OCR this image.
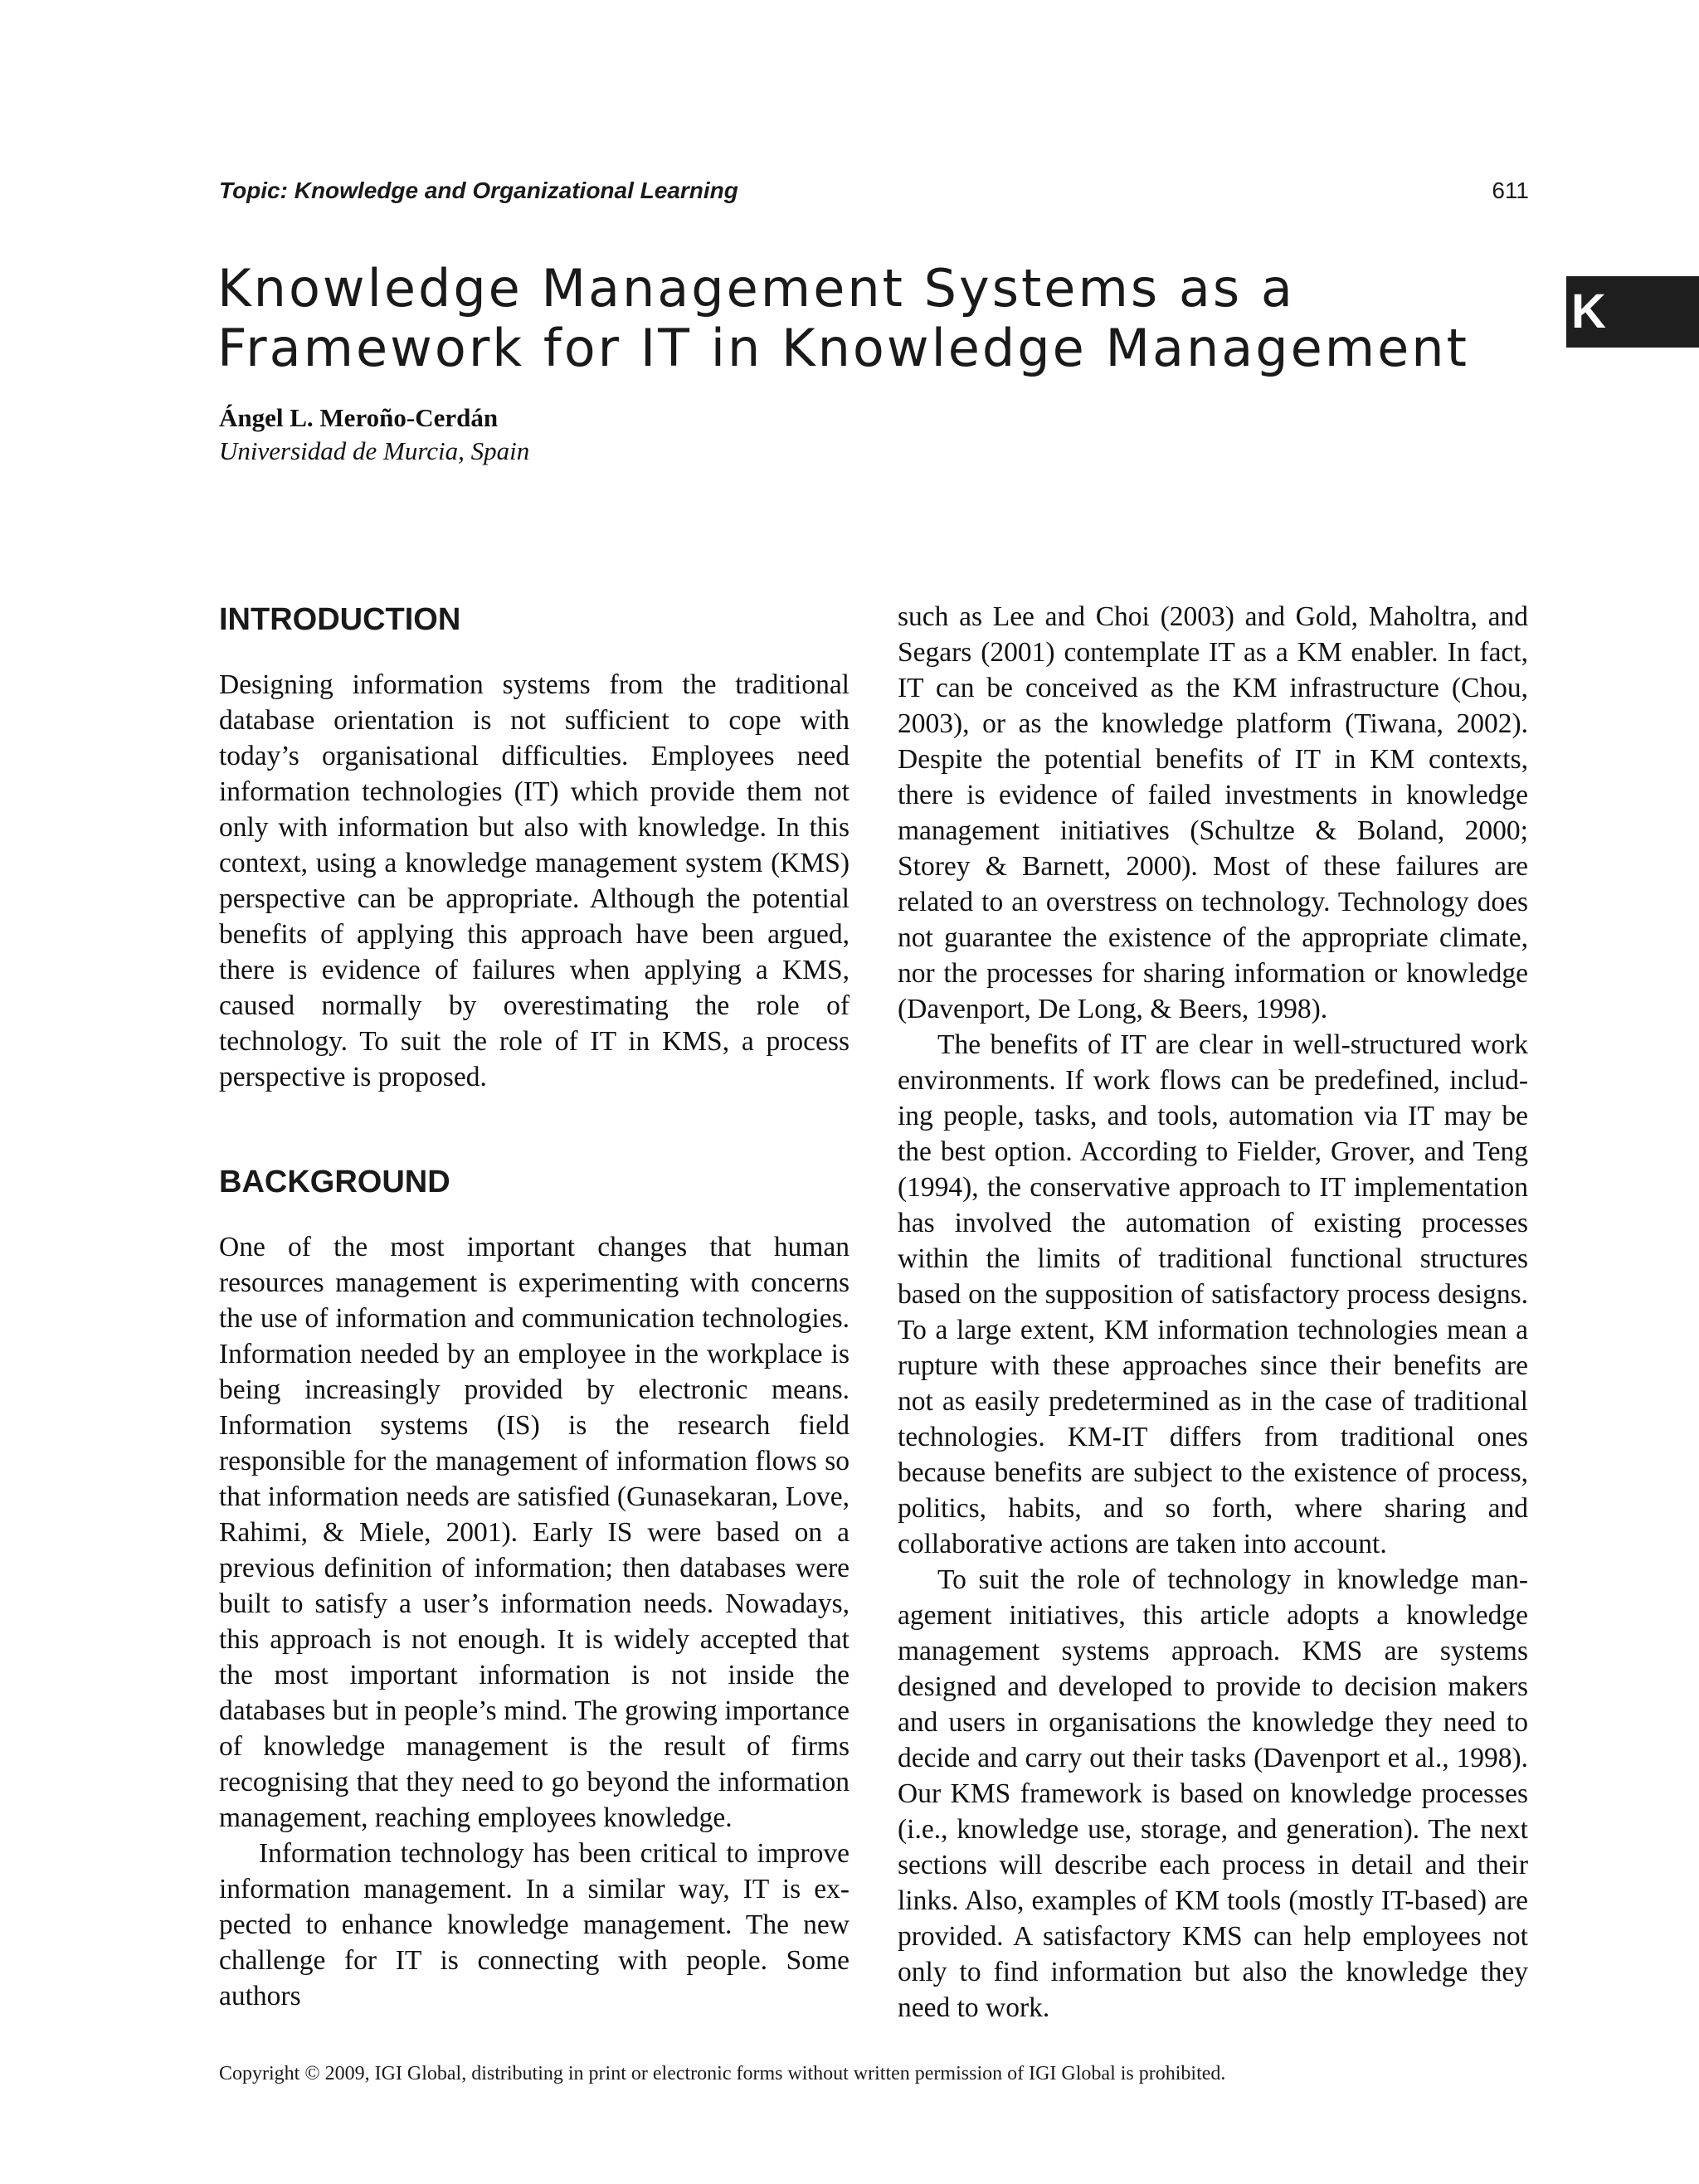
Topic: Knowledge and Organizational Learning	611
Knowledge Management Systems as a
Framework for IT in Knowledge Management
K
Ángel L. Meroño-Cerdán
Universidad de Murcia, Spain
INTRODUCTION

Designing information systems from the traditional database orientation is not sufficient to cope with today’s organisational difficulties. Employees need information technologies (IT) which provide them not only with information but also with knowledge. In this context, using a knowledge management system (KMS) perspective can be appropriate. Although the potential benefits of applying this approach have been argued, there is evidence of failures when applying a KMS, caused normally by overestimating the role of technology. To suit the role of IT in KMS, a process perspective is proposed.

BACKGROUND

One of the most important changes that human resources management is experimenting with concerns the use of information and communication technologies. Information needed by an employee in the workplace is being increasingly provided by electronic means. Information systems (IS) is the research field responsible for the management of information flows so that information needs are satisfied (Gunasekaran, Love, Rahimi, & Miele, 2001). Early IS were based on a previous definition of information; then databases were built to satisfy a user’s information needs. Nowadays, this approach is not enough. It is widely accepted that the most important information is not inside the databases but in people’s mind. The growing importance of knowledge management is the result of firms recognising that they need to go beyond the information management, reaching employees knowledge.

Information technology has been critical to improve information management. In a similar way, IT is expected to enhance knowledge management. The new challenge for IT is connecting with people. Some authors

such as Lee and Choi (2003) and Gold, Maholtra, and Segars (2001) contemplate IT as a KM enabler. In fact, IT can be conceived as the KM infrastructure (Chou, 2003), or as the knowledge platform (Tiwana, 2002). Despite the potential benefits of IT in KM contexts, there is evidence of failed investments in knowledge management initiatives (Schultze & Boland, 2000; Storey & Barnett, 2000). Most of these failures are related to an overstress on technology. Technology does not guarantee the existence of the appropriate climate, nor the processes for sharing information or knowledge (Davenport, De Long, & Beers, 1998).

The benefits of IT are clear in well-structured work environments. If work flows can be predefined, including people, tasks, and tools, automation via IT may be the best option. According to Fielder, Grover, and Teng (1994), the conservative approach to IT implementation has involved the automation of existing processes within the limits of traditional functional structures based on the supposition of satisfactory process designs. To a large extent, KM information technologies mean a rupture with these approaches since their benefits are not as easily predetermined as in the case of traditional technologies. KM-IT differs from traditional ones because benefits are subject to the existence of process, politics, habits, and so forth, where sharing and collaborative actions are taken into account.

To suit the role of technology in knowledge management initiatives, this article adopts a knowledge management systems approach. KMS are systems designed and developed to provide to decision makers and users in organisations the knowledge they need to decide and carry out their tasks (Davenport et al., 1998). Our KMS framework is based on knowledge processes (i.e., knowledge use, storage, and generation). The next sections will describe each process in detail and their links. Also, examples of KM tools (mostly IT-based) are provided. A satisfactory KMS can help employees not only to find information but also the knowledge they need to work.

Copyright © 2009, IGI Global, distributing in print or electronic forms without written permission of IGI Global is prohibited.
